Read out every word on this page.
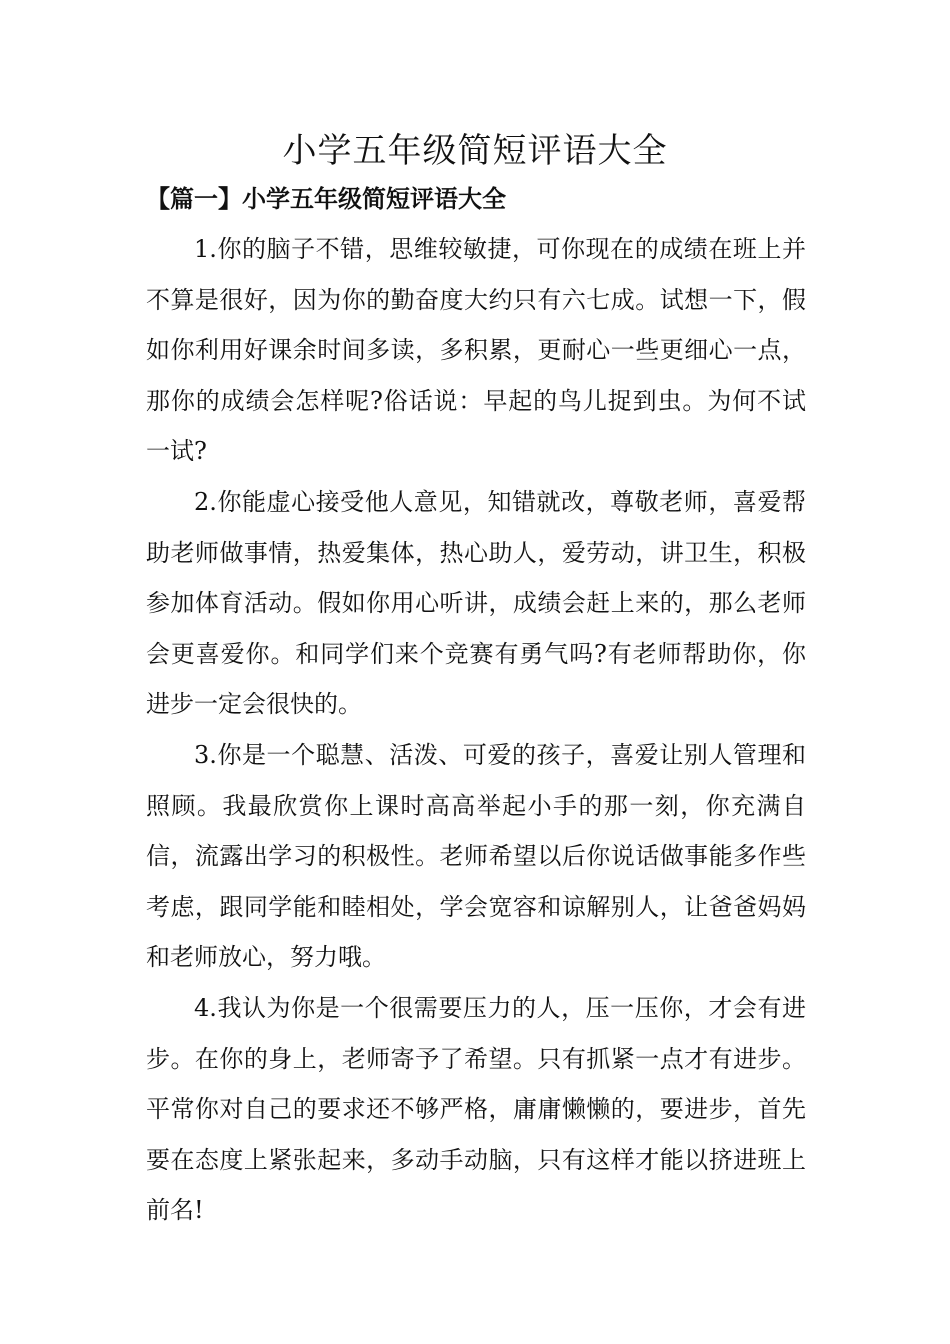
小学五年级简短评语大全
【篇一】小学五年级简短评语大全

1.你的脑子不错，思维较敏捷，可你现在的成绩在班上并不算是很好，因为你的勤奋度大约只有六七成。试想一下，假如你利用好课余时间多读，多积累，更耐心一些更细心一点，那你的成绩会怎样呢?俗话说：早起的鸟儿捉到虫。为何不试一试?

2.你能虚心接受他人意见，知错就改，尊敬老师，喜爱帮助老师做事情，热爱集体，热心助人，爱劳动，讲卫生，积极参加体育活动。假如你用心听讲，成绩会赶上来的，那么老师会更喜爱你。和同学们来个竞赛有勇气吗?有老师帮助你，你进步一定会很快的。

3.你是一个聪慧、活泼、可爱的孩子，喜爱让别人管理和照顾。我最欣赏你上课时高高举起小手的那一刻，你充满自信，流露出学习的积极性。老师希望以后你说话做事能多作些考虑，跟同学能和睦相处，学会宽容和谅解别人，让爸爸妈妈和老师放心，努力哦。

4.我认为你是一个很需要压力的人，压一压你，才会有进步。在你的身上，老师寄予了希望。只有抓紧一点才有进步。平常你对自己的要求还不够严格，庸庸懒懒的，要进步，首先要在态度上紧张起来，多动手动脑，只有这样才能以挤进班上前名!
